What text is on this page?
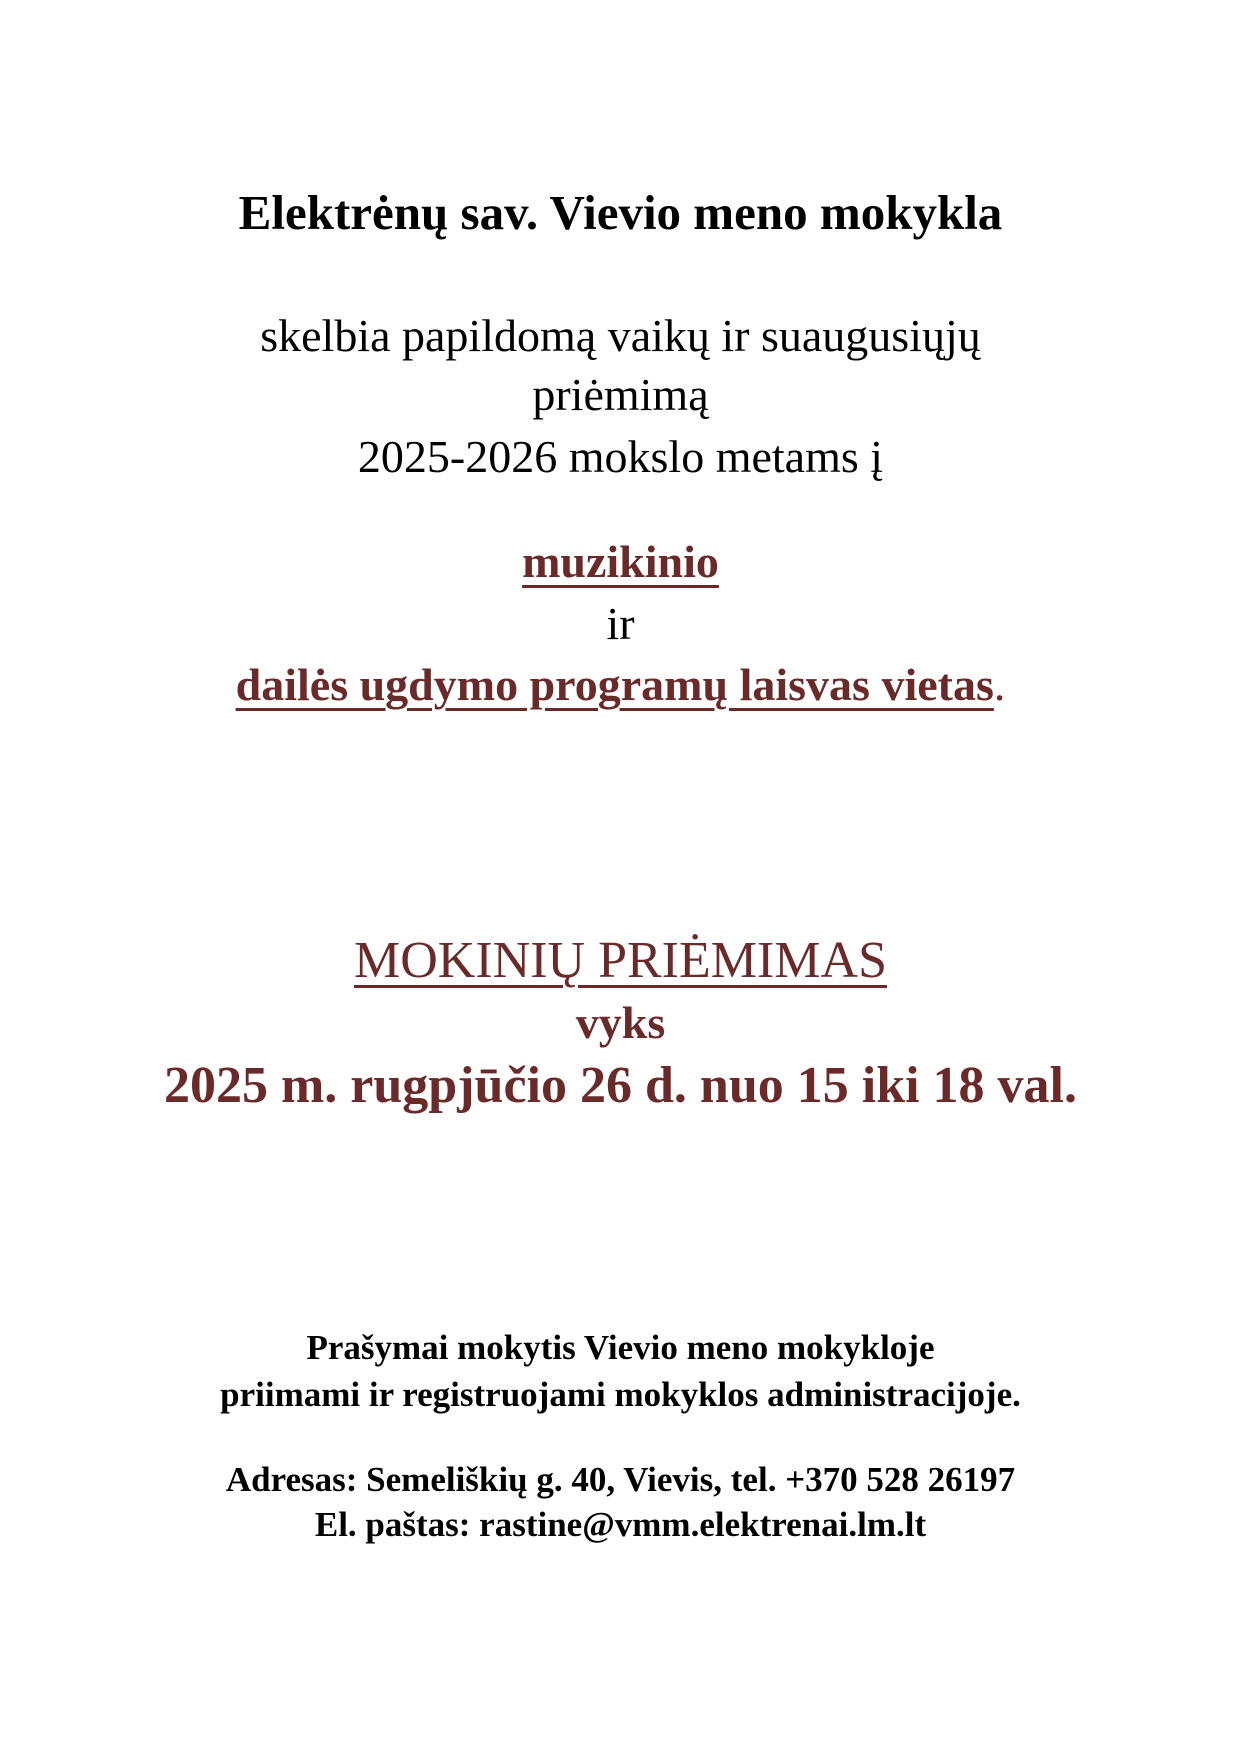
Elektrėnų sav. Vievio meno mokykla
skelbia papildomą vaikų ir suaugusiųjų
priėmimą
2025-2026 mokslo metams į
muzikinio
ir
dailės ugdymo programų laisvas vietas.
MOKINIŲ PRIĖMIMAS
vyks
2025 m. rugpjūčio 26 d. nuo 15 iki 18 val.
Prašymai mokytis Vievio meno mokykloje
priimami ir registruojami mokyklos administracijoje.
Adresas: Semeliškių g. 40, Vievis, tel. +370 528 26197
El. paštas: rastine@vmm.elektrenai.lm.lt
